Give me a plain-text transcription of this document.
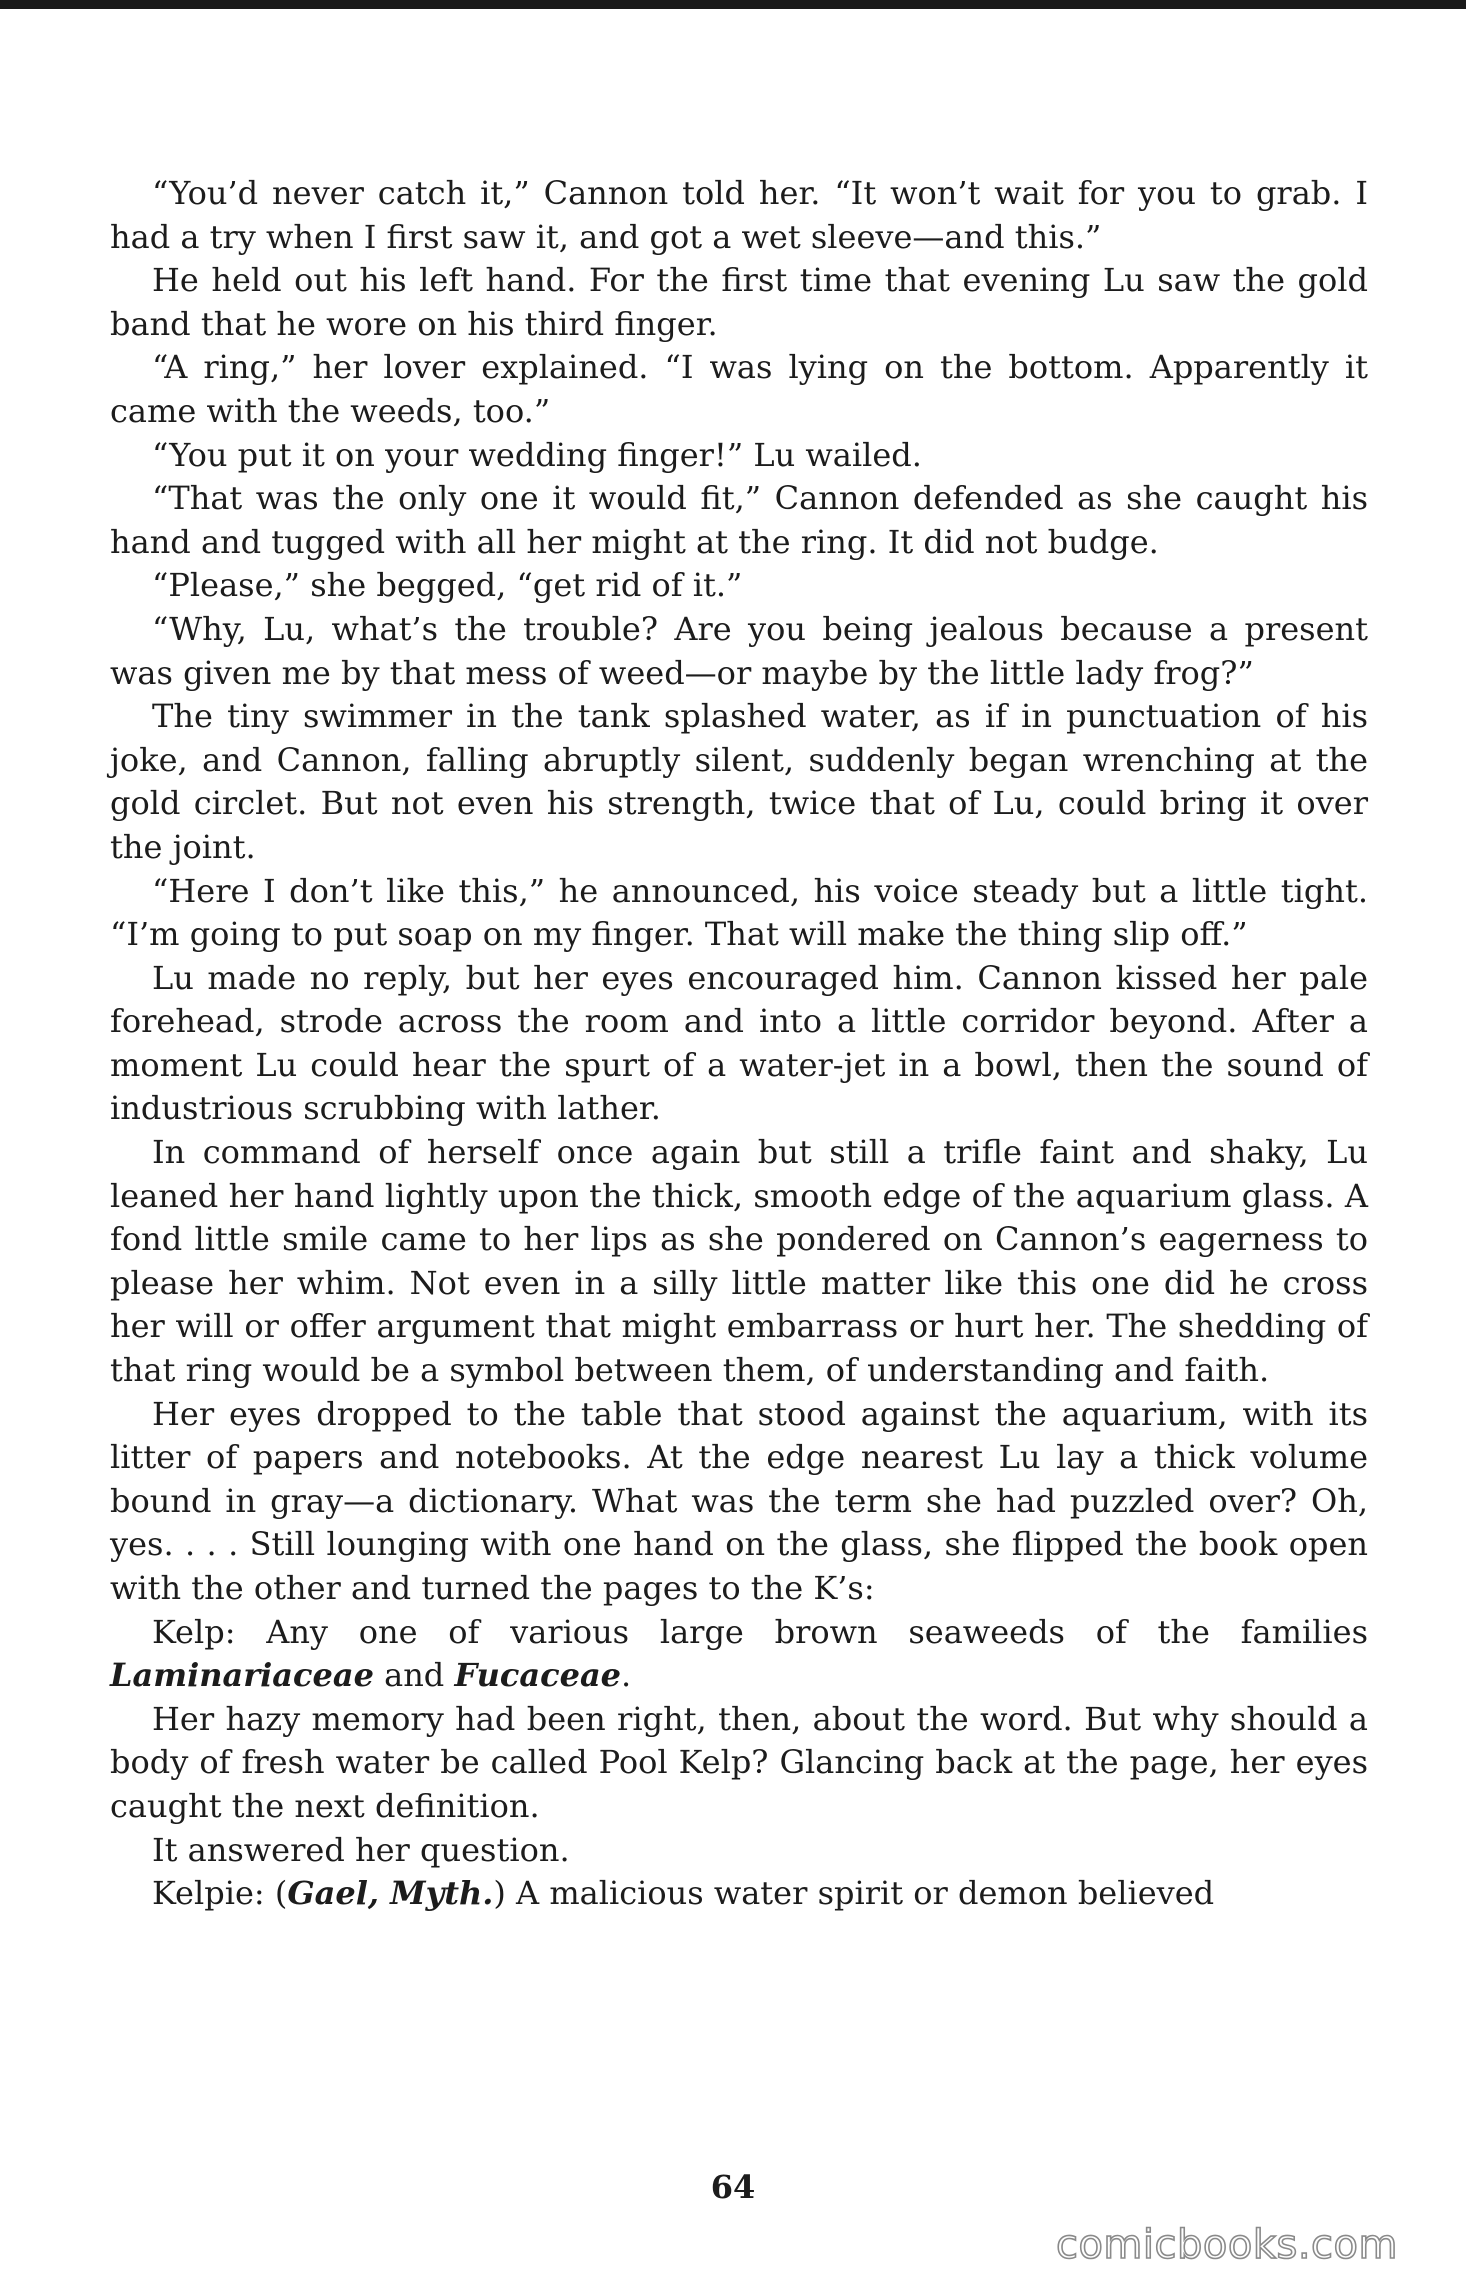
“You’d never catch it,” Cannon told her. “It won’t wait for you to grab. I had a try when I first saw it, and got a wet sleeve—and this.”

He held out his left hand. For the first time that evening Lu saw the gold band that he wore on his third finger.

“A ring,” her lover explained. “I was lying on the bottom. Apparently it came with the weeds, too.”

“You put it on your wedding finger!” Lu wailed.

“That was the only one it would fit,” Cannon defended as she caught his hand and tugged with all her might at the ring. It did not budge.

“Please,” she begged, “get rid of it.”

“Why, Lu, what’s the trouble? Are you being jealous because a present was given me by that mess of weed—or maybe by the little lady frog?”

The tiny swimmer in the tank splashed water, as if in punctuation of his joke, and Cannon, falling abruptly silent, suddenly began wrenching at the gold circlet. But not even his strength, twice that of Lu, could bring it over the joint.

“Here I don’t like this,” he announced, his voice steady but a little tight. “I’m going to put soap on my finger. That will make the thing slip off.”

Lu made no reply, but her eyes encouraged him. Cannon kissed her pale forehead, strode across the room and into a little corridor beyond. After a moment Lu could hear the spurt of a water-jet in a bowl, then the sound of industrious scrubbing with lather.

In command of herself once again but still a trifle faint and shaky, Lu leaned her hand lightly upon the thick, smooth edge of the aquarium glass. A fond little smile came to her lips as she pondered on Cannon’s eagerness to please her whim. Not even in a silly little matter like this one did he cross her will or offer argument that might embarrass or hurt her. The shedding of that ring would be a symbol between them, of understanding and faith.

Her eyes dropped to the table that stood against the aquarium, with its litter of papers and notebooks. At the edge nearest Lu lay a thick volume bound in gray—a dictionary. What was the term she had puzzled over? Oh, yes. . . . Still lounging with one hand on the glass, she flipped the book open with the other and turned the pages to the K’s:

Kelp: Any one of various large brown seaweeds of the families Laminariaceae and Fucaceae.

Her hazy memory had been right, then, about the word. But why should a body of fresh water be called Pool Kelp? Glancing back at the page, her eyes caught the next definition.

It answered her question.

Kelpie: (Gael, Myth.) A malicious water spirit or demon believed

64
comicbooks.com
